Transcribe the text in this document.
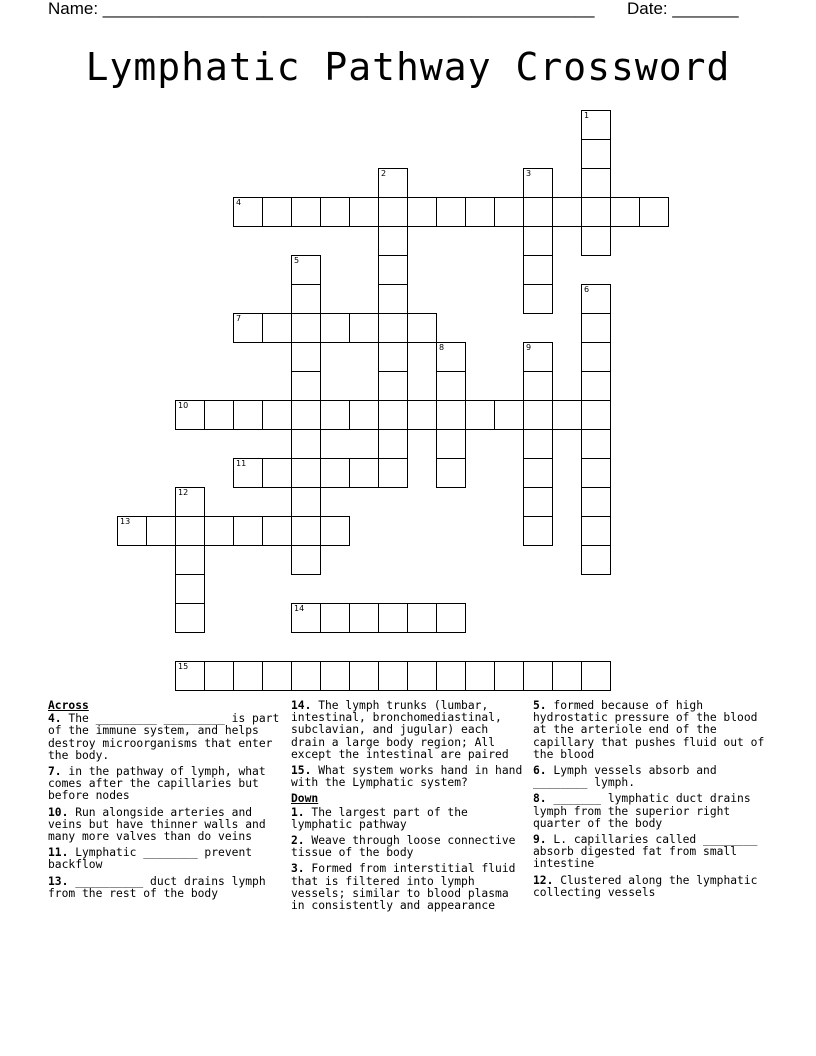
Name: ____________________________________________________ Date: _______
Lymphatic Pathway Crossword
1
2	3
4
5
6
7
8	9
10
11
12
13
14
15
Across
4. The _________ _________ is part of the immune system, and helps destroy microorganisms that enter the body.
7. in the pathway of lymph, what comes after the capillaries but before nodes
10. Run alongside arteries and veins but have thinner walls and many more valves than do veins
11. Lymphatic ________ prevent backflow
13. __________ duct drains lymph from the rest of the body
14. The lymph trunks (lumbar, intestinal, bronchomediastinal, subclavian, and jugular) each drain a large body region; All except the intestinal are paired
15. What system works hand in hand with the Lymphatic system?
Down
1. The largest part of the lymphatic pathway
2. Weave through loose connective tissue of the body
3. Formed from interstitial fluid that is filtered into lymph vessels; similar to blood plasma in consistently and appearance
5. formed because of high hydrostatic pressure of the blood at the arteriole end of the capillary that pushes fluid out of the blood
6. Lymph vessels absorb and ________ lymph.
8. _______ lymphatic duct drains lymph from the superior right quarter of the body
9. L. capillaries called ________ absorb digested fat from small intestine
12. Clustered along the lymphatic collecting vessels
